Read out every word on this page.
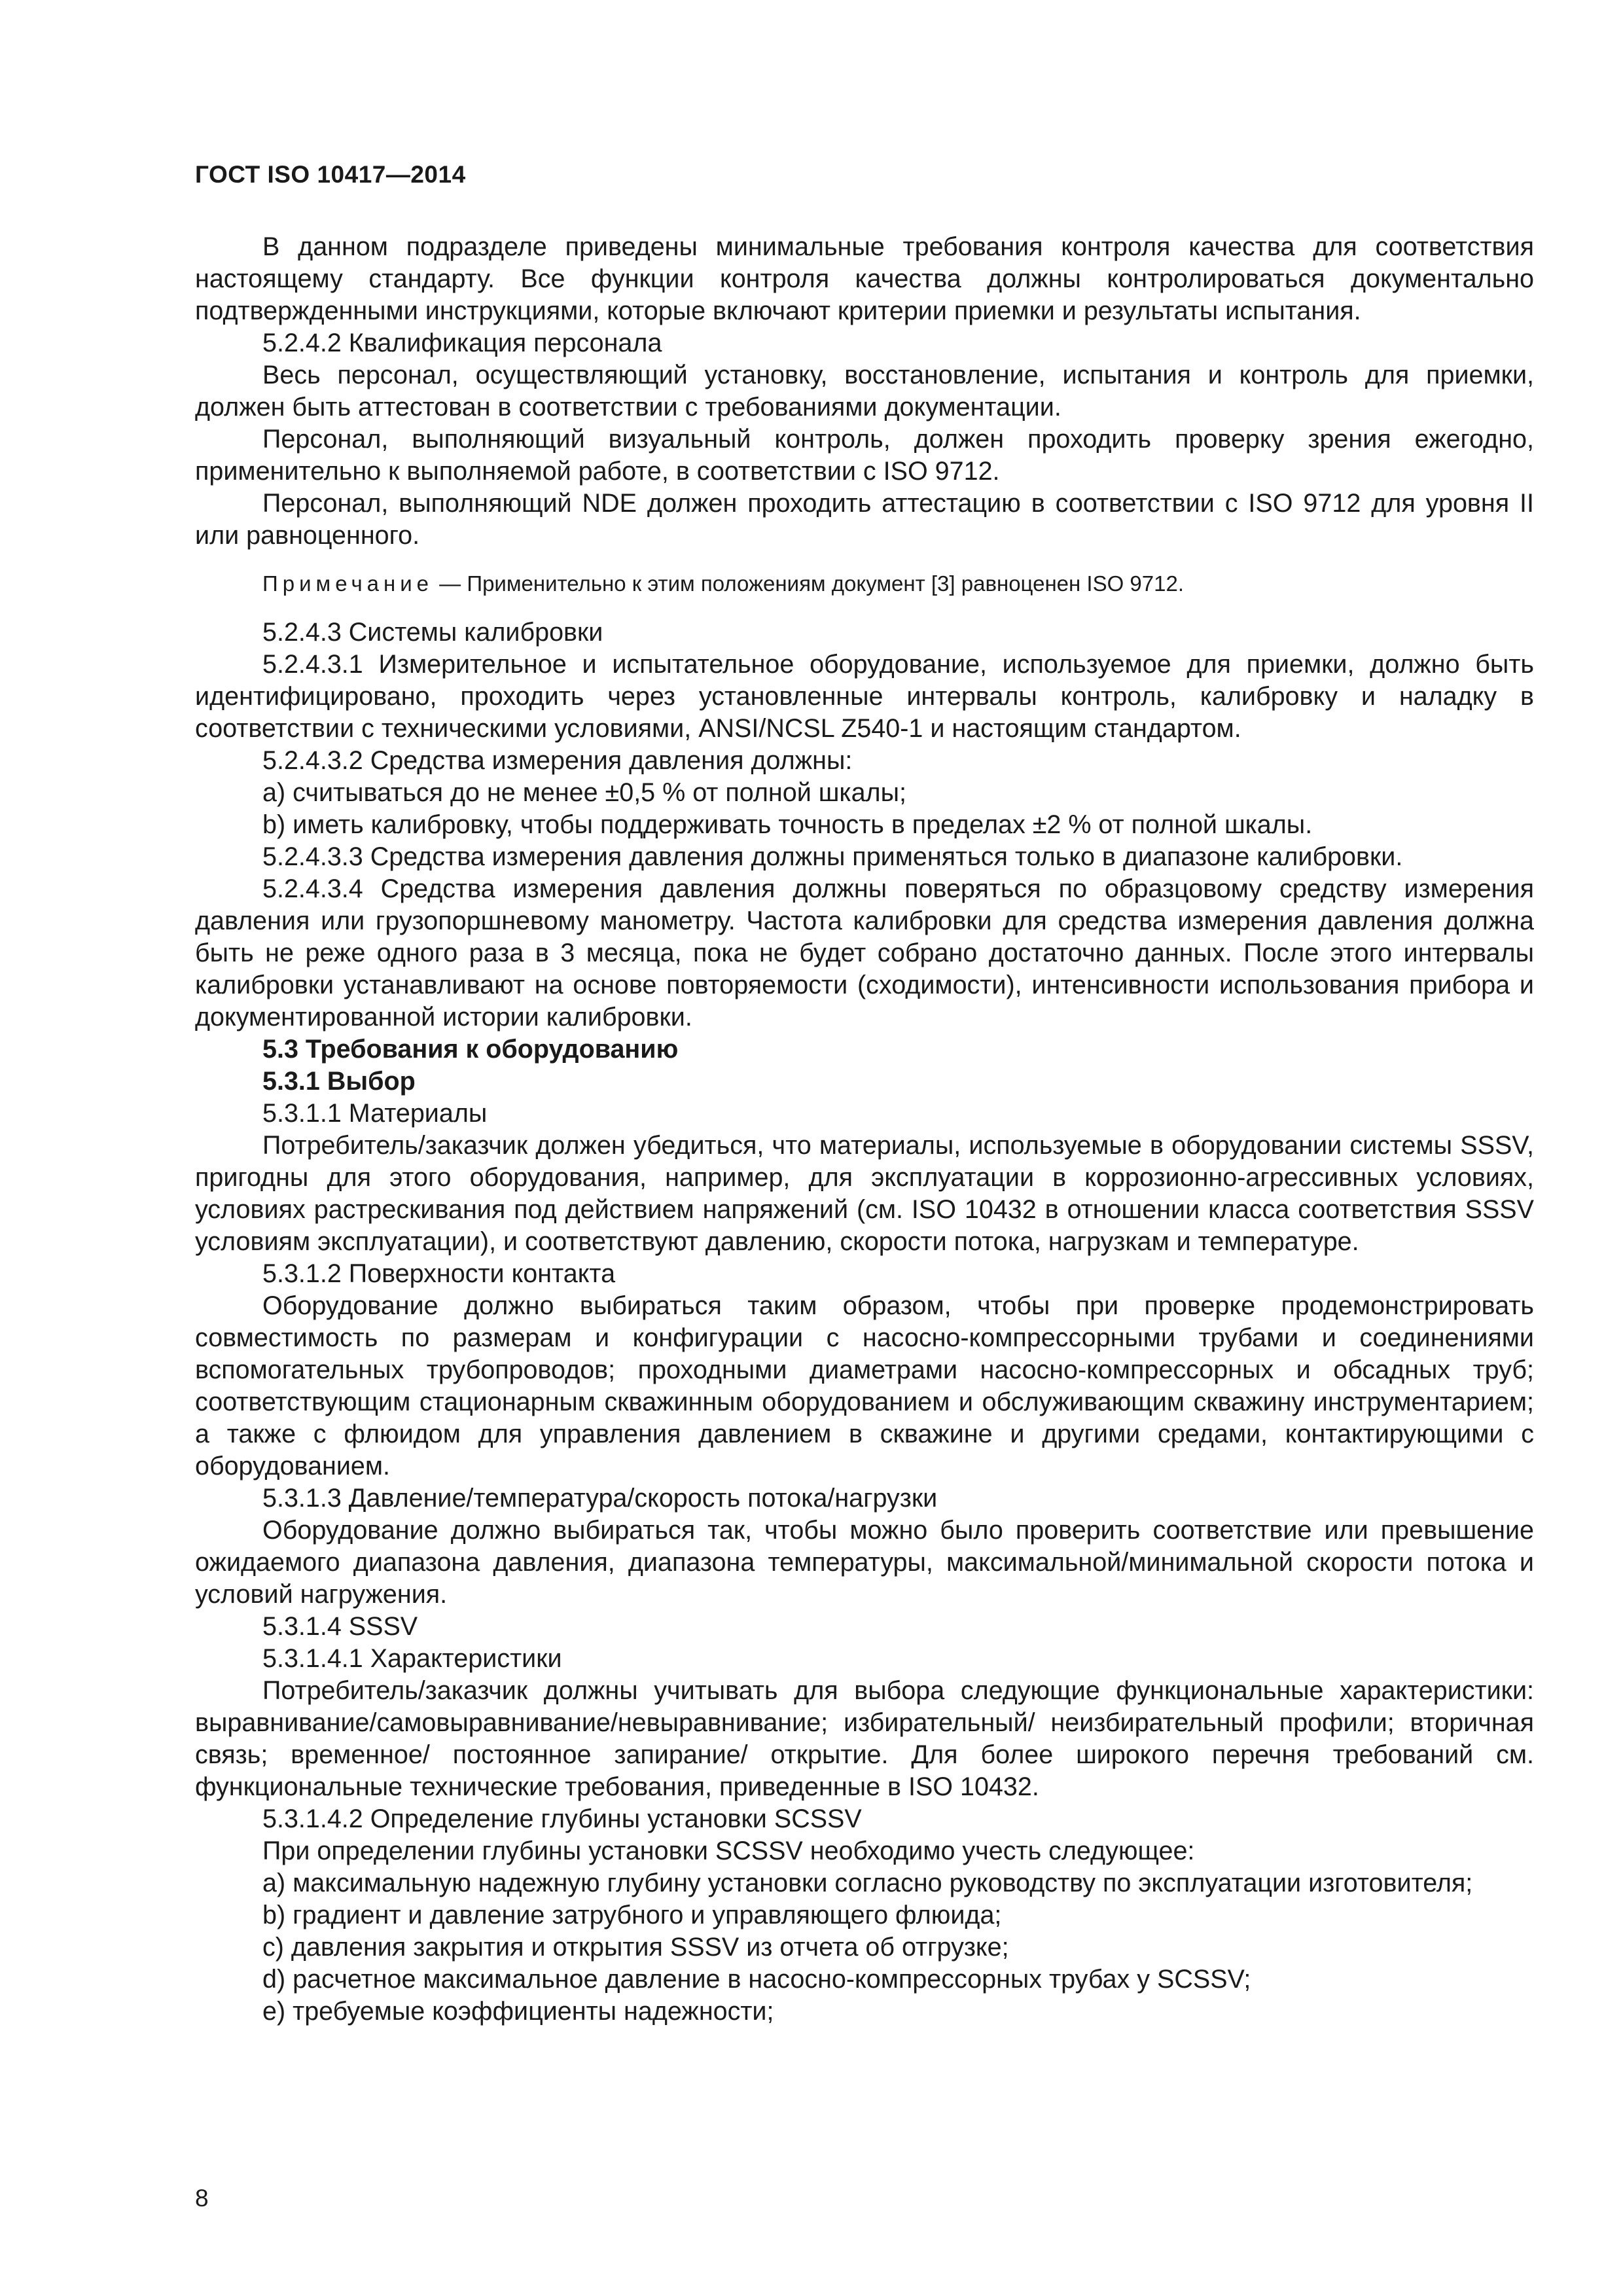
ГОСТ ISO 10417—2014

В данном подразделе приведены минимальные требования контроля качества для соответствия настоящему стандарту. Все функции контроля качества должны контролироваться документально подтвержденными инструкциями, которые включают критерии приемки и результаты испытания.

5.2.4.2 Квалификация персонала

Весь персонал, осуществляющий установку, восстановление, испытания и контроль для приемки, должен быть аттестован в соответствии с требованиями документации.

Персонал, выполняющий визуальный контроль, должен проходить проверку зрения ежегодно, применительно к выполняемой работе, в соответствии с ISO 9712.

Персонал, выполняющий NDE должен проходить аттестацию в соответствии с ISO 9712 для уровня II или равноценного.

Примечание — Применительно к этим положениям документ [3] равноценен ISO 9712.

5.2.4.3 Системы калибровки

5.2.4.3.1 Измерительное и испытательное оборудование, используемое для приемки, должно быть идентифицировано, проходить через установленные интервалы контроль, калибровку и наладку в соответствии с техническими условиями, ANSI/NCSL Z540-1 и настоящим стандартом.

5.2.4.3.2 Средства измерения давления должны:

a) считываться до не менее ±0,5 % от полной шкалы;

b) иметь калибровку, чтобы поддерживать точность в пределах ±2 % от полной шкалы.

5.2.4.3.3 Средства измерения давления должны применяться только в диапазоне калибровки.

5.2.4.3.4 Средства измерения давления должны поверяться по образцовому средству измерения давления или грузопоршневому манометру. Частота калибровки для средства измерения давления должна быть не реже одного раза в 3 месяца, пока не будет собрано достаточно данных. После этого интервалы калибровки устанавливают на основе повторяемости (сходимости), интенсивности использования прибора и документированной истории калибровки.

5.3 Требования к оборудованию

5.3.1 Выбор

5.3.1.1 Материалы

Потребитель/заказчик должен убедиться, что материалы, используемые в оборудовании системы SSSV, пригодны для этого оборудования, например, для эксплуатации в коррозионно-агрессивных условиях, условиях растрескивания под действием напряжений (см. ISO 10432 в отношении класса соответствия SSSV условиям эксплуатации), и соответствуют давлению, скорости потока, нагрузкам и температуре.

5.3.1.2 Поверхности контакта

Оборудование должно выбираться таким образом, чтобы при проверке продемонстрировать совместимость по размерам и конфигурации с насосно-компрессорными трубами и соединениями вспомогательных трубопроводов; проходными диаметрами насосно-компрессорных и обсадных труб; соответствующим стационарным скважинным оборудованием и обслуживающим скважину инструментарием; а также с флюидом для управления давлением в скважине и другими средами, контактирующими с оборудованием.

5.3.1.3 Давление/температура/скорость потока/нагрузки

Оборудование должно выбираться так, чтобы можно было проверить соответствие или превышение ожидаемого диапазона давления, диапазона температуры, максимальной/минимальной скорости потока и условий нагружения.

5.3.1.4 SSSV

5.3.1.4.1 Характеристики

Потребитель/заказчик должны учитывать для выбора следующие функциональные характеристики: выравнивание/самовыравнивание/невыравнивание; избирательный/ неизбирательный профили; вторичная связь; временное/ постоянное запирание/ открытие. Для более широкого перечня требований см. функциональные технические требования, приведенные в ISO 10432.

5.3.1.4.2 Определение глубины установки SCSSV

При определении глубины установки SCSSV необходимо учесть следующее:

а) максимальную надежную глубину установки согласно руководству по эксплуатации изготовителя;

b) градиент и давление затрубного и управляющего флюида;

c) давления закрытия и открытия SSSV из отчета об отгрузке;

d) расчетное максимальное давление в насосно-компрессорных трубах у SCSSV;

e) требуемые коэффициенты надежности;

8
